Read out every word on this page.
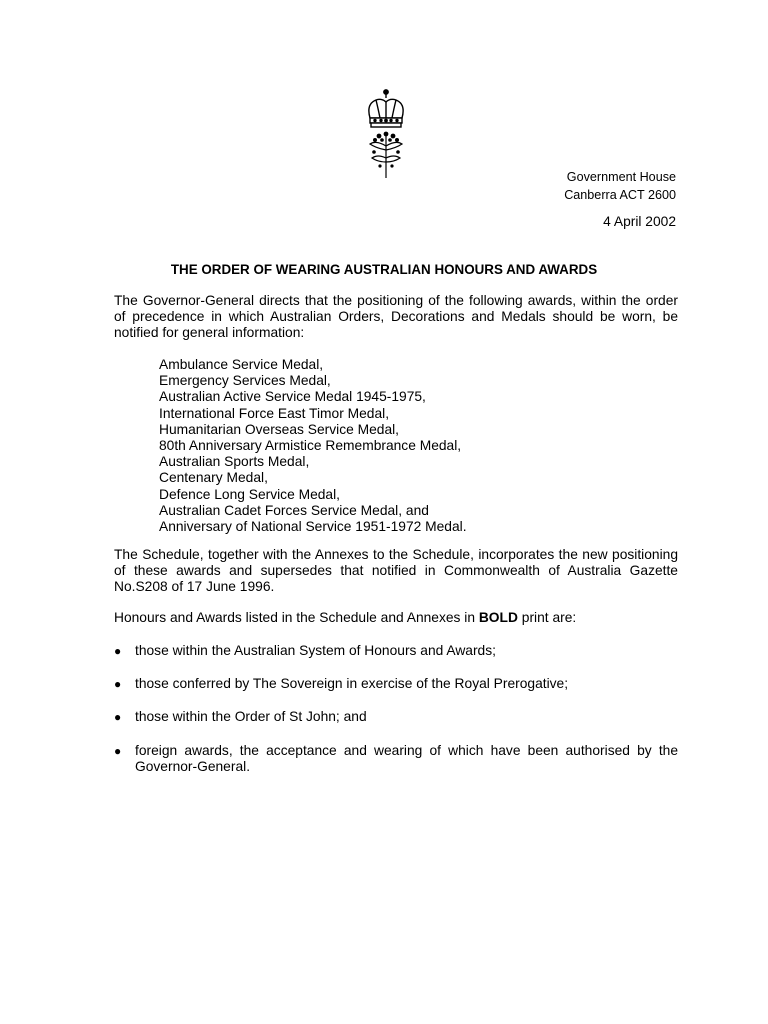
Government House
Canberra ACT 2600
4 April 2002
THE ORDER OF WEARING AUSTRALIAN HONOURS AND AWARDS

The Governor-General directs that the positioning of the following awards, within the order of precedence in which Australian Orders, Decorations and Medals should be worn, be notified for general information:

Ambulance Service Medal,
Emergency Services Medal,
Australian Active Service Medal 1945-1975,
International Force East Timor Medal,
Humanitarian Overseas Service Medal,
80th Anniversary Armistice Remembrance Medal,
Australian Sports Medal,
Centenary Medal,
Defence Long Service Medal,
Australian Cadet Forces Service Medal, and
Anniversary of National Service 1951-1972 Medal.

The Schedule, together with the Annexes to the Schedule, incorporates the new positioning of these awards and supersedes that notified in Commonwealth of Australia Gazette No.S208 of 17 June 1996.

Honours and Awards listed in the Schedule and Annexes in BOLD print are:

● those within the Australian System of Honours and Awards;
● those conferred by The Sovereign in exercise of the Royal Prerogative;
● those within the Order of St John; and
● foreign awards, the acceptance and wearing of which have been authorised by the Governor-General.
